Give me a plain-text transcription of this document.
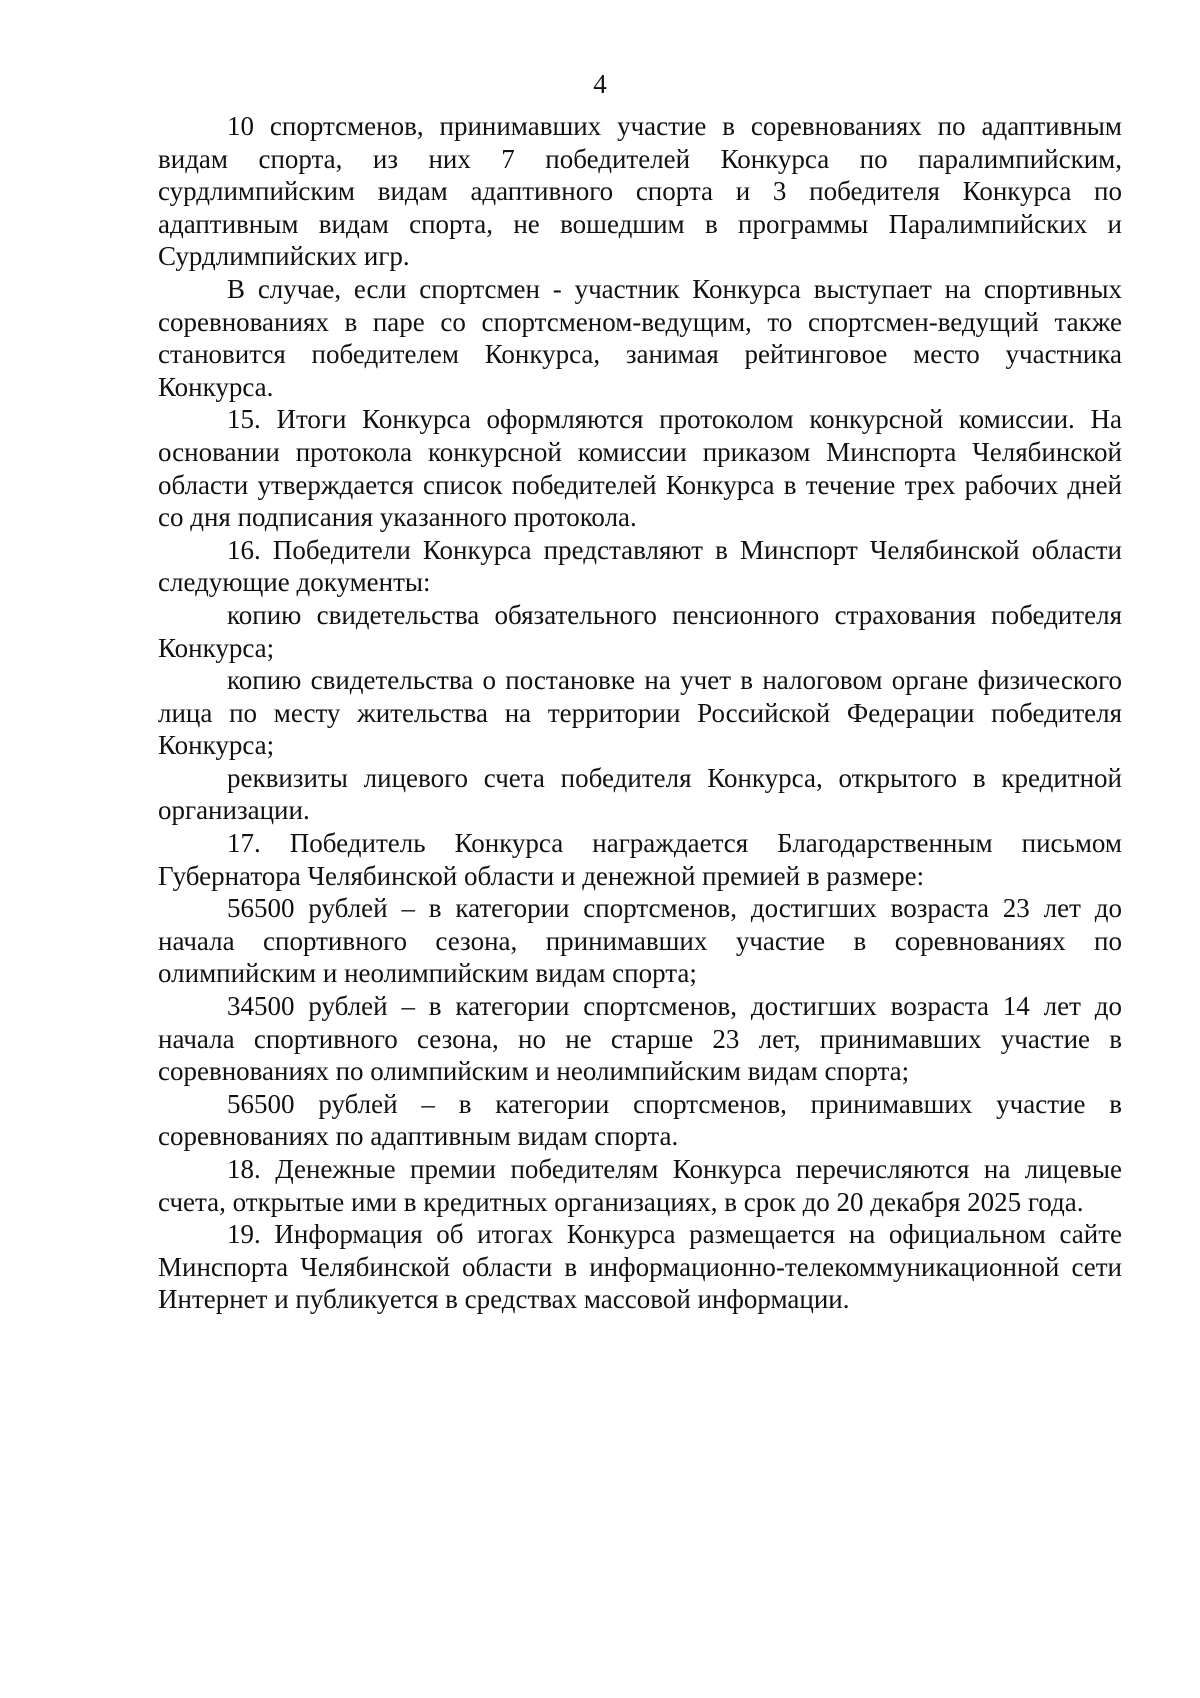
4

10 спортсменов, принимавших участие в соревнованиях по адаптивным видам спорта, из них 7 победителей Конкурса по паралимпийским, сурдлимпийским видам адаптивного спорта и 3 победителя Конкурса по адаптивным видам спорта, не вошедшим в программы Паралимпийских и Сурдлимпийских игр.

В случае, если спортсмен - участник Конкурса выступает на спортивных соревнованиях в паре со спортсменом-ведущим, то спортсмен-ведущий также становится победителем Конкурса, занимая рейтинговое место участника Конкурса.

15. Итоги Конкурса оформляются протоколом конкурсной комиссии. На основании протокола конкурсной комиссии приказом Минспорта Челябинской области утверждается список победителей Конкурса в течение трех рабочих дней со дня подписания указанного протокола.

16. Победители Конкурса представляют в Минспорт Челябинской области следующие документы:

копию свидетельства обязательного пенсионного страхования победителя Конкурса;

копию свидетельства о постановке на учет в налоговом органе физического лица по месту жительства на территории Российской Федерации победителя Конкурса;

реквизиты лицевого счета победителя Конкурса, открытого в кредитной организации.

17. Победитель Конкурса награждается Благодарственным письмом Губернатора Челябинской области и денежной премией в размере:

56500 рублей – в категории спортсменов, достигших возраста 23 лет до начала спортивного сезона, принимавших участие в соревнованиях по олимпийским и неолимпийским видам спорта;

34500 рублей – в категории спортсменов, достигших возраста 14 лет до начала спортивного сезона, но не старше 23 лет, принимавших участие в соревнованиях по олимпийским и неолимпийским видам спорта;

56500 рублей – в категории спортсменов, принимавших участие в соревнованиях по адаптивным видам спорта.

18. Денежные премии победителям Конкурса перечисляются на лицевые счета, открытые ими в кредитных организациях, в срок до 20 декабря 2025 года.

19. Информация об итогах Конкурса размещается на официальном сайте Минспорта Челябинской области в информационно-телекоммуникационной сети Интернет и публикуется в средствах массовой информации.
